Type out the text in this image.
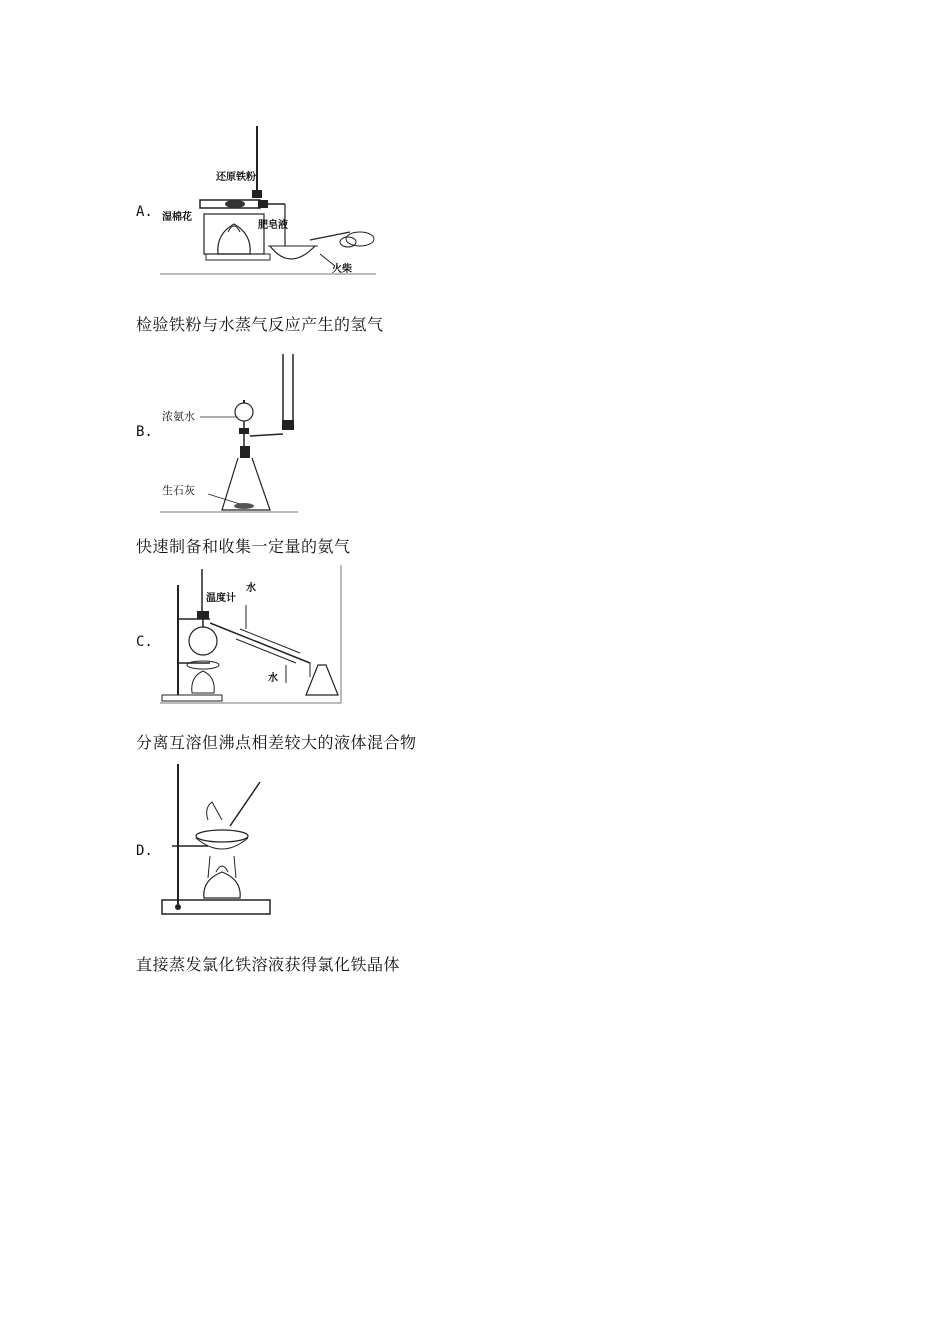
A.
还原铁粉
湿棉花
肥皂液
火柴
检验铁粉与水蒸气反应产生的氢气
B.
浓氨水
生石灰
快速制备和收集一定量的氨气
C.
温度计
水
水
分离互溶但沸点相差较大的液体混合物
D.
直接蒸发氯化铁溶液获得氯化铁晶体
